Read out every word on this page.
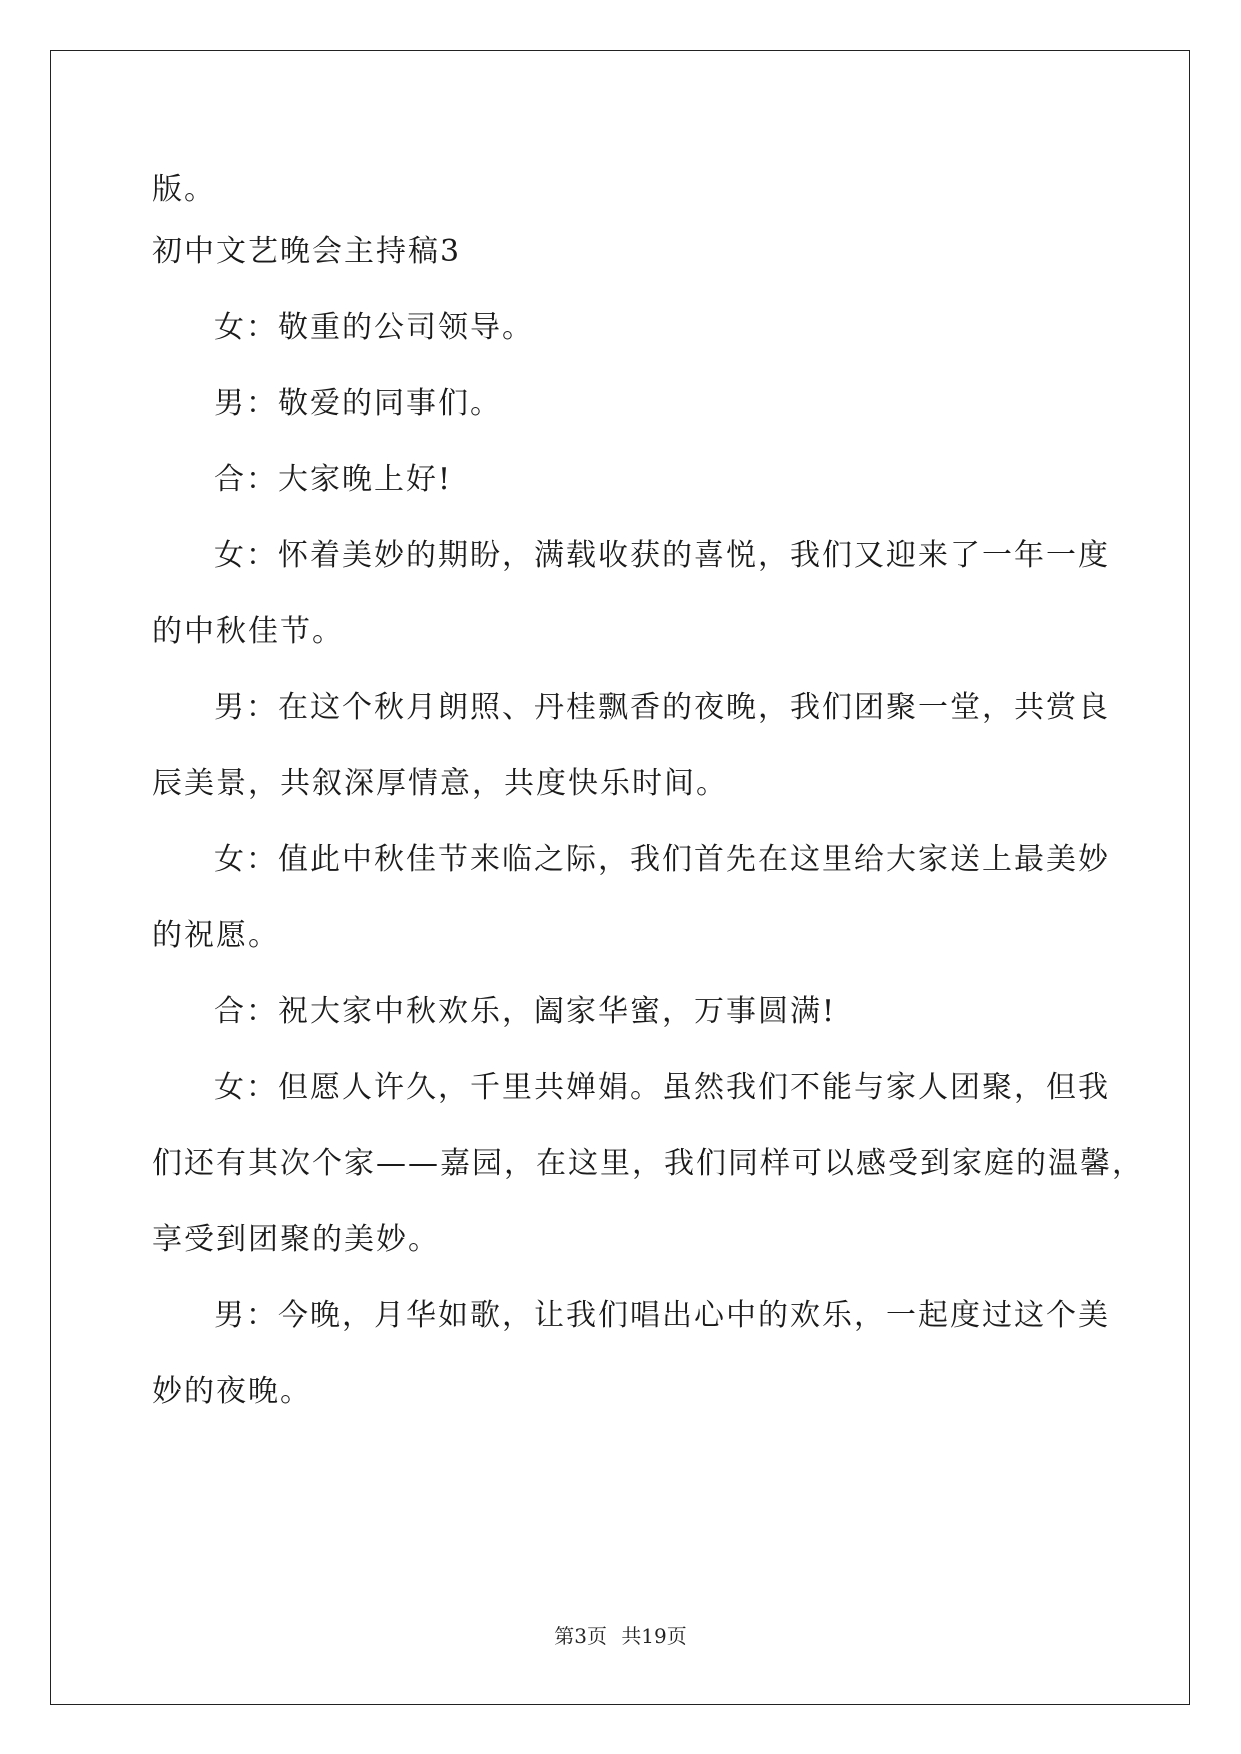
版。
初中文艺晚会主持稿3
女：敬重的公司领导。
男：敬爱的同事们。
合：大家晚上好!
女：怀着美妙的期盼，满载收获的喜悦，我们又迎来了一年一度
的中秋佳节。
男：在这个秋月朗照、丹桂飘香的夜晚，我们团聚一堂，共赏良
辰美景，共叙深厚情意，共度快乐时间。
女：值此中秋佳节来临之际，我们首先在这里给大家送上最美妙
的祝愿。
合：祝大家中秋欢乐，阖家华蜜，万事圆满!
女：但愿人许久，千里共婵娟。虽然我们不能与家人团聚，但我
们还有其次个家——嘉园，在这里，我们同样可以感受到家庭的温馨，
享受到团聚的美妙。
男：今晚，月华如歌，让我们唱出心中的欢乐，一起度过这个美
妙的夜晚。
第3页 共19页
